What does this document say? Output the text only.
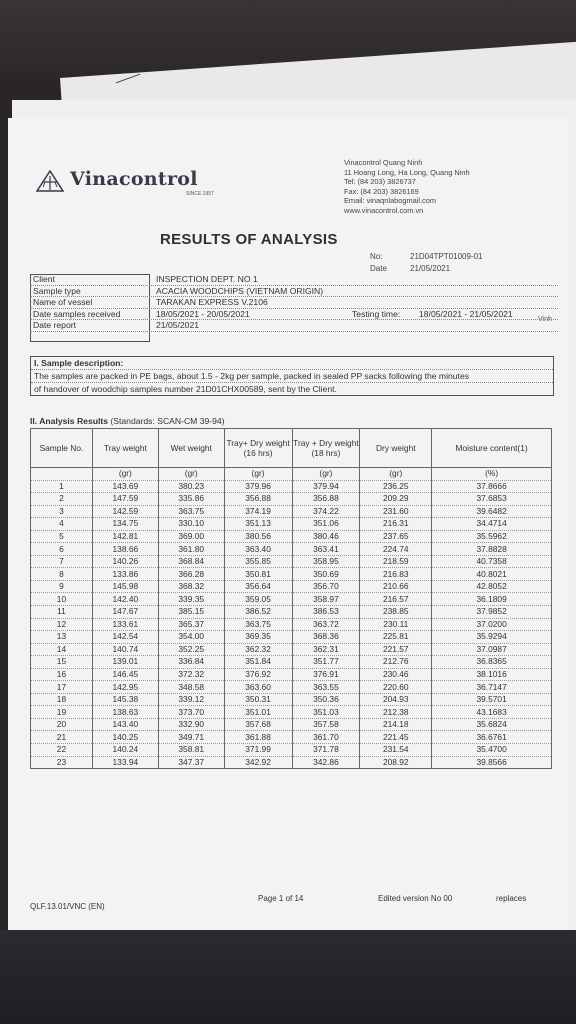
Vinacontrol
SINCE 1957
Vinacontrol Quang Ninh
11 Hoang Long, Ha Long, Quang Ninh
Tel: (84 203) 3826737
Fax: (84 203) 3826169
Email: vinaqnlabogmail.com
www.vinacontrol.com.vn
Vinh
RESULTS OF ANALYSIS
No:	21D04TPT01009-01
Date	21/05/2021
Client	INSPECTION DEPT. NO 1
Sample type	ACACIA WOODCHIPS (VIETNAM ORIGIN)
Name of vessel	TARAKAN EXPRESS V.2106
Date samples received	18/05/2021 - 20/05/2021	Testing time: 18/05/2021 - 21/05/2021
Date report	21/05/2021
I. Sample description:
The samples are packed in PE bags, about 1.5 - 2kg per sample, packed in sealed PP sacks following the minutes
of handover of woodchip samples number 21D01CHX00589, sent by the Client.
II. Analysis Results (Standards: SCAN-CM 39-94)
Sample No.	Tray weight	Wet weight	Tray+ Dry weight (16 hrs)	Tray + Dry weight (18 hrs)	Dry weight	Moisture content(1)
	(gr)	(gr)	(gr)	(gr)	(gr)	(%)
1	143.69	380.23	379.96	379.94	236.25	37.8666
2	147.59	335.86	356.88	356.88	209.29	37.6853
3	142.59	363.75	374.19	374.22	231.60	39.6482
4	134.75	330.10	351.13	351.06	216.31	34.4714
5	142.81	369.00	380.56	380.46	237.65	35.5962
6	138.66	361.80	363.40	363.41	224.74	37.8828
7	140.26	368.84	355.85	358.95	218.59	40.7358
8	133.86	366.28	350.81	350.69	216.83	40.8021
9	145.98	368.32	356.64	356.70	210.66	42.8052
10	142.40	339.35	359.05	358.97	216.57	36.1809
11	147.67	385.15	386.52	386.53	238.85	37.9852
12	133.61	365.37	363.75	363.72	230.11	37.0200
13	142.54	354.00	369.35	368.36	225.81	35.9294
14	140.74	352.25	362.32	362.31	221.57	37.0987
15	139.01	336.84	351.84	351.77	212.76	36.8365
16	146.45	372.32	376.92	376.91	230.46	38.1016
17	142.95	348.58	363.60	363.55	220.60	36.7147
18	145.38	339.12	350.31	350.36	204.93	39.5701
19	138.63	373.70	351.01	351.03	212.38	43.1683
20	143.40	332.90	357.68	357.58	214.18	35.6824
21	140.25	349.71	361.88	361.70	221.45	36.6761
22	140.24	358.81	371.99	371.78	231.54	35.4700
23	133.94	347.37	342.92	342.86	208.92	39.8566
QLF.13.01/VNC (EN)
Page 1 of 14	Edited version No 00	replaces
